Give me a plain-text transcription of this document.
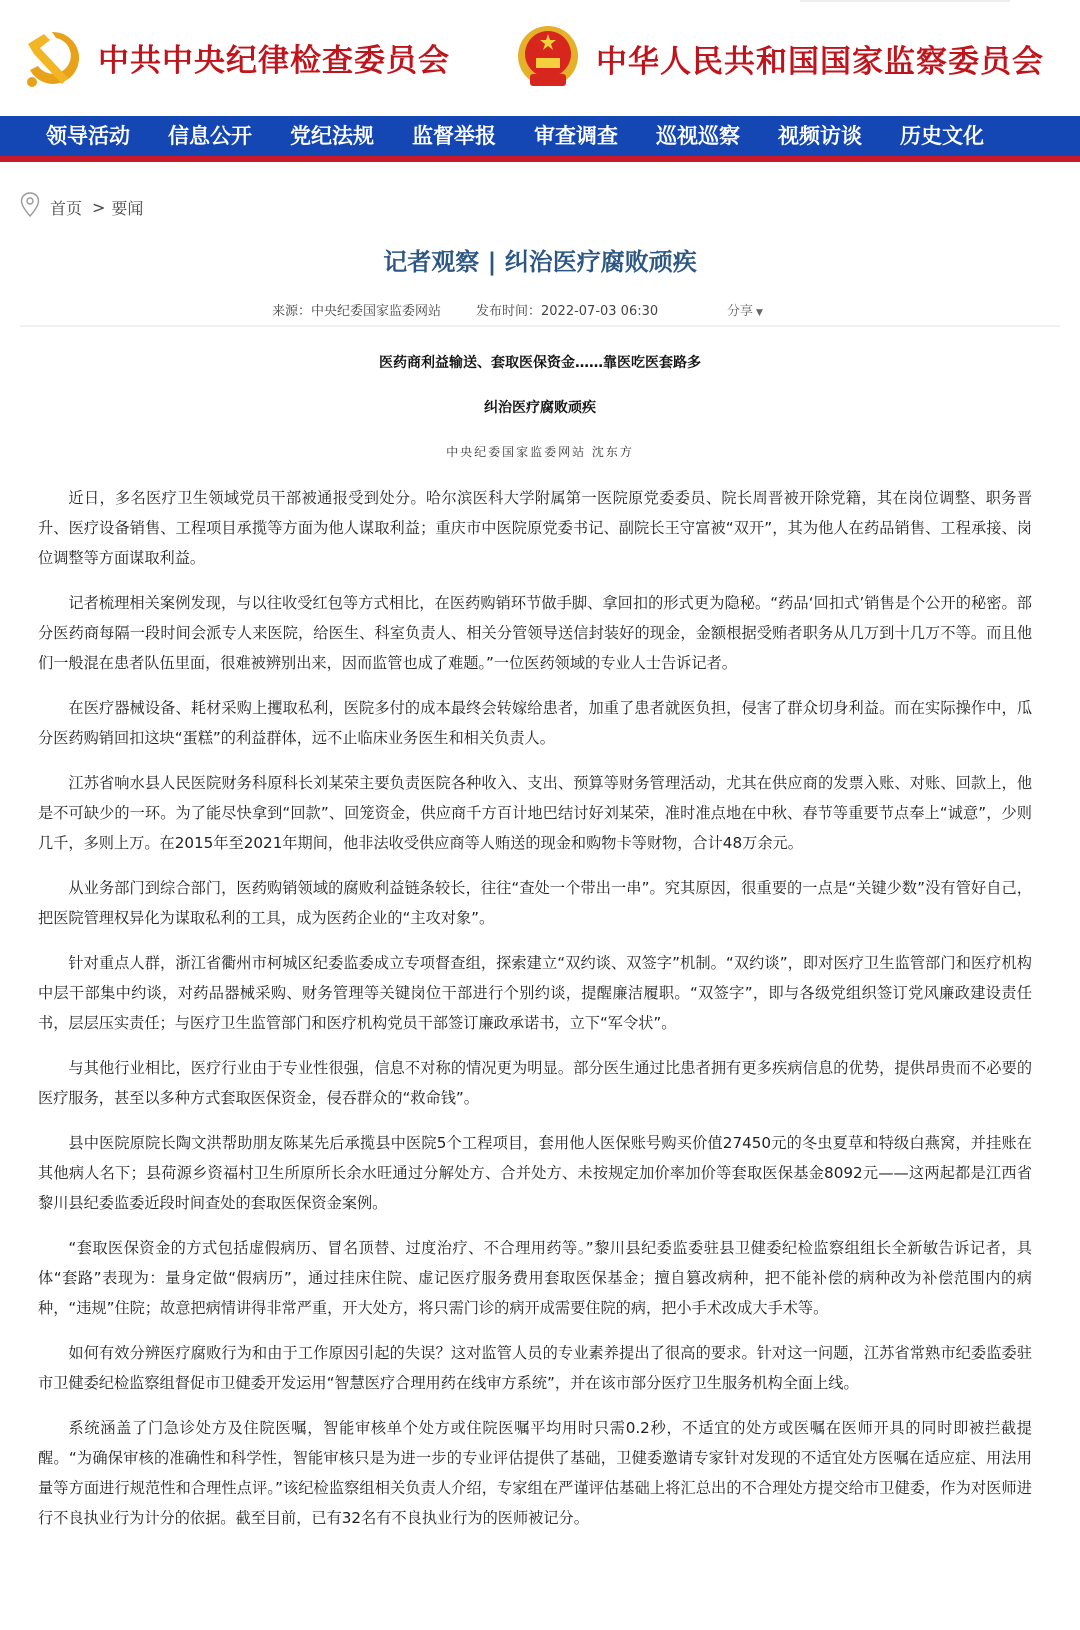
中共中央纪律检查委员会	中华人民共和国国家监察委员会
领导活动 信息公开 党纪法规 监督举报 审查调查 巡视巡察 视频访谈 历史文化
首页 > 要闻
记者观察 | 纠治医疗腐败顽疾
来源：中央纪委国家监委网站	发布时间：2022-07-03 06:30	分享 ▼
医药商利益输送、套取医保资金……靠医吃医套路多
纠治医疗腐败顽疾
中央纪委国家监委网站 沈东方

近日，多名医疗卫生领域党员干部被通报受到处分。哈尔滨医科大学附属第一医院原党委委员、院长周晋被开除党籍，其在岗位调整、职务晋升、医疗设备销售、工程项目承揽等方面为他人谋取利益；重庆市中医院原党委书记、副院长王守富被“双开”，其为他人在药品销售、工程承接、岗位调整等方面谋取利益。

记者梳理相关案例发现，与以往收受红包等方式相比，在医药购销环节做手脚、拿回扣的形式更为隐秘。“药品‘回扣式’销售是个公开的秘密。部分医药商每隔一段时间会派专人来医院，给医生、科室负责人、相关分管领导送信封装好的现金，金额根据受贿者职务从几万到十几万不等。而且他们一般混在患者队伍里面，很难被辨别出来，因而监管也成了难题。”一位医药领域的专业人士告诉记者。

在医疗器械设备、耗材采购上攫取私利，医院多付的成本最终会转嫁给患者，加重了患者就医负担，侵害了群众切身利益。而在实际操作中，瓜分医药购销回扣这块“蛋糕”的利益群体，远不止临床业务医生和相关负责人。

江苏省响水县人民医院财务科原科长刘某荣主要负责医院各种收入、支出、预算等财务管理活动，尤其在供应商的发票入账、对账、回款上，他是不可缺少的一环。为了能尽快拿到“回款”、回笼资金，供应商千方百计地巴结讨好刘某荣，准时准点地在中秋、春节等重要节点奉上“诚意”，少则几千，多则上万。在2015年至2021年期间，他非法收受供应商等人贿送的现金和购物卡等财物，合计48万余元。

从业务部门到综合部门，医药购销领域的腐败利益链条较长，往往“查处一个带出一串”。究其原因，很重要的一点是“关键少数”没有管好自己，把医院管理权异化为谋取私利的工具，成为医药企业的“主攻对象”。

针对重点人群，浙江省衢州市柯城区纪委监委成立专项督查组，探索建立“双约谈、双签字”机制。“双约谈”，即对医疗卫生监管部门和医疗机构中层干部集中约谈，对药品器械采购、财务管理等关键岗位干部进行个别约谈，提醒廉洁履职。“双签字”，即与各级党组织签订党风廉政建设责任书，层层压实责任；与医疗卫生监管部门和医疗机构党员干部签订廉政承诺书，立下“军令状”。

与其他行业相比，医疗行业由于专业性很强，信息不对称的情况更为明显。部分医生通过比患者拥有更多疾病信息的优势，提供昂贵而不必要的医疗服务，甚至以多种方式套取医保资金，侵吞群众的“救命钱”。

县中医院原院长陶文洪帮助朋友陈某先后承揽县中医院5个工程项目，套用他人医保账号购买价值27450元的冬虫夏草和特级白燕窝，并挂账在其他病人名下；县荷源乡资福村卫生所原所长余水旺通过分解处方、合并处方、未按规定加价率加价等套取医保基金8092元——这两起都是江西省黎川县纪委监委近段时间查处的套取医保资金案例。

“套取医保资金的方式包括虚假病历、冒名顶替、过度治疗、不合理用药等。”黎川县纪委监委驻县卫健委纪检监察组组长全新敏告诉记者，具体“套路”表现为：量身定做“假病历”，通过挂床住院、虚记医疗服务费用套取医保基金；擅自篡改病种，把不能补偿的病种改为补偿范围内的病种，“违规”住院；故意把病情讲得非常严重，开大处方，将只需门诊的病开成需要住院的病，把小手术改成大手术等。

如何有效分辨医疗腐败行为和由于工作原因引起的失误？这对监管人员的专业素养提出了很高的要求。针对这一问题，江苏省常熟市纪委监委驻市卫健委纪检监察组督促市卫健委开发运用“智慧医疗合理用药在线审方系统”，并在该市部分医疗卫生服务机构全面上线。

系统涵盖了门急诊处方及住院医嘱，智能审核单个处方或住院医嘱平均用时只需0.2秒，不适宜的处方或医嘱在医师开具的同时即被拦截提醒。“为确保审核的准确性和科学性，智能审核只是为进一步的专业评估提供了基础，卫健委邀请专家针对发现的不适宜处方医嘱在适应症、用法用量等方面进行规范性和合理性点评。”该纪检监察组相关负责人介绍，专家组在严谨评估基础上将汇总出的不合理处方提交给市卫健委，作为对医师进行不良执业行为计分的依据。截至目前，已有32名有不良执业行为的医师被记分。
